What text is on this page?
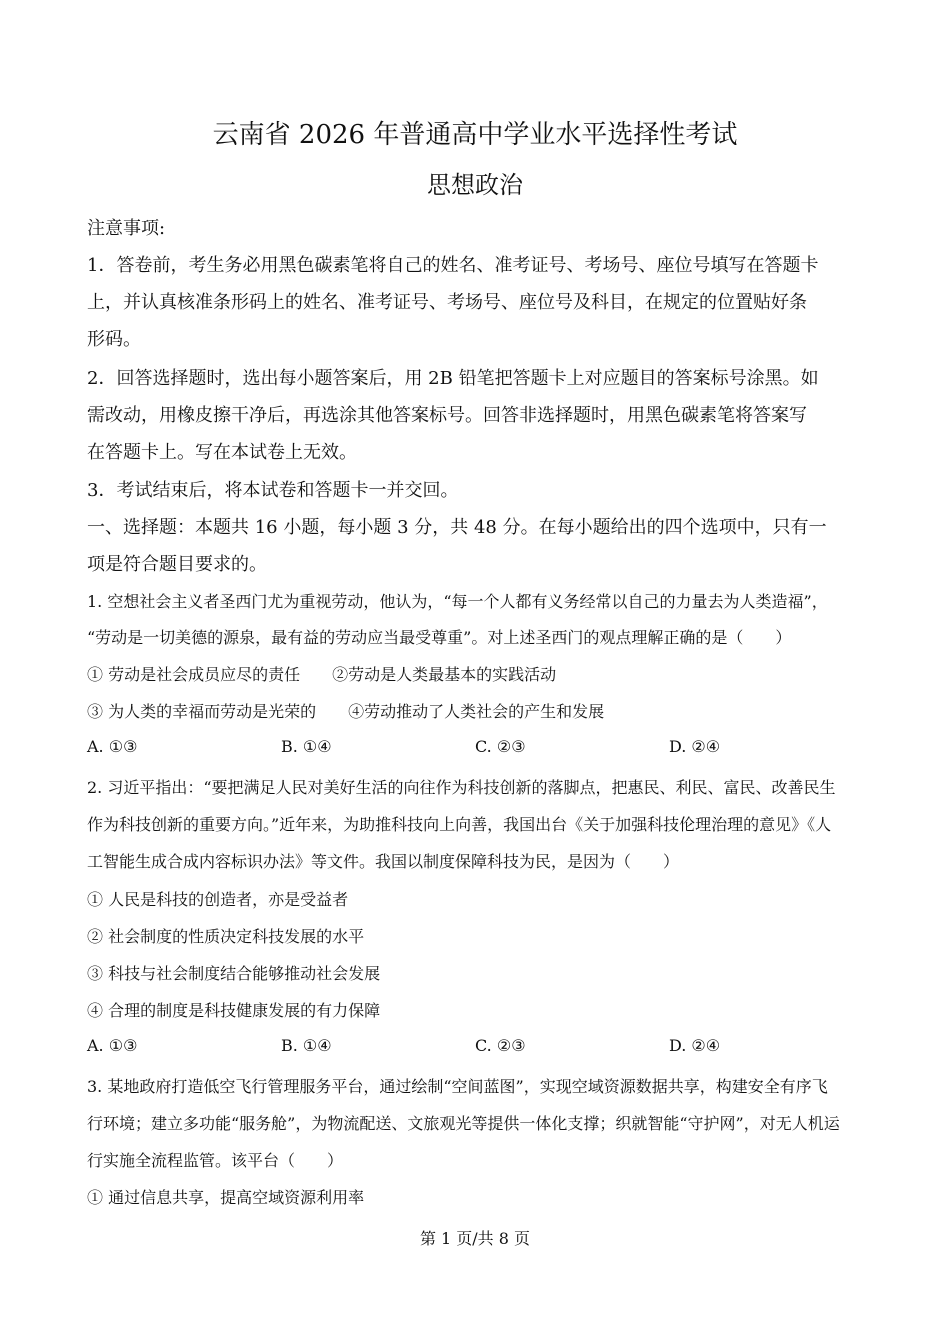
云南省 2026 年普通高中学业水平选择性考试
思想政治
注意事项:
1．答卷前，考生务必用黑色碳素笔将自己的姓名、准考证号、考场号、座位号填写在答题卡
上，并认真核准条形码上的姓名、准考证号、考场号、座位号及科目，在规定的位置贴好条
形码。
2．回答选择题时，选出每小题答案后，用 2B 铅笔把答题卡上对应题目的答案标号涂黑。如
需改动，用橡皮擦干净后，再选涂其他答案标号。回答非选择题时，用黑色碳素笔将答案写
在答题卡上。写在本试卷上无效。
3．考试结束后，将本试卷和答题卡一并交回。
一、选择题：本题共 16 小题，每小题 3 分，共 48 分。在每小题给出的四个选项中，只有一
项是符合题目要求的。
1. 空想社会主义者圣西门尤为重视劳动，他认为，“每一个人都有义务经常以自己的力量去为人类造福”，
“劳动是一切美德的源泉，最有益的劳动应当最受尊重”。对上述圣西门的观点理解正确的是（　　）
① 劳动是社会成员应尽的责任　　②劳动是人类最基本的实践活动
③ 为人类的幸福而劳动是光荣的　　④劳动推动了人类社会的产生和发展
A. ①③	B. ①④	C. ②③	D. ②④
2. 习近平指出：“要把满足人民对美好生活的向往作为科技创新的落脚点，把惠民、利民、富民、改善民生
作为科技创新的重要方向。”近年来，为助推科技向上向善，我国出台《关于加强科技伦理治理的意见》《人
工智能生成合成内容标识办法》等文件。我国以制度保障科技为民，是因为（　　）
① 人民是科技的创造者，亦是受益者
② 社会制度的性质决定科技发展的水平
③ 科技与社会制度结合能够推动社会发展
④ 合理的制度是科技健康发展的有力保障
A. ①③	B. ①④	C. ②③	D. ②④
3. 某地政府打造低空飞行管理服务平台，通过绘制“空间蓝图”，实现空域资源数据共享，构建安全有序飞
行环境；建立多功能“服务舱”，为物流配送、文旅观光等提供一体化支撑；织就智能“守护网”，对无人机运
行实施全流程监管。该平台（　　）
① 通过信息共享，提高空域资源利用率
第 1 页/共 8 页
